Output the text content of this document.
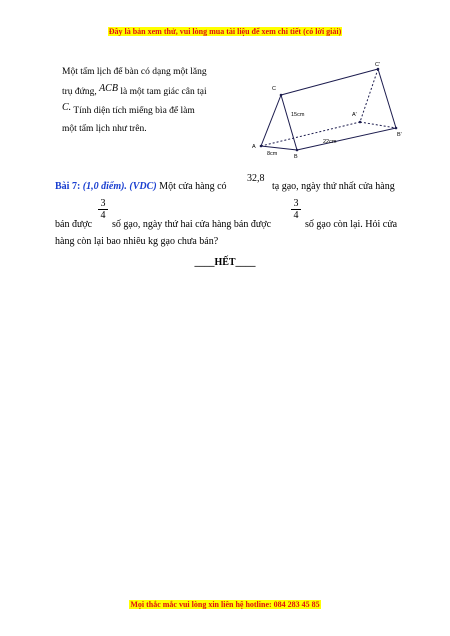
Đây là bản xem thử, vui lòng mua tài liệu để xem chi tiết (có lời giải)
Một tấm lịch để bàn có dạng một lăng
trụ đứng, ACB là một tam giác cân tại
C. Tính diện tích miếng bìa để làm
một tấm lịch như trên.
C'
C
A'
B'
A
B
15cm
22cm
8cm
Bài 7: (1,0 điểm). (VDC) Một cửa hàng có
32,8
tạ gạo, ngày thứ nhất cửa hàng
bán được
$\frac{3}{4}$
số gạo, ngày thứ hai cửa hàng bán được
$\frac{3}{4}$
số gạo còn lại. Hỏi cửa
hàng còn lại bao nhiêu kg gạo chưa bán?
____HẾT____
Mọi thắc mắc vui lòng xin liên hệ hotline: 084 283 45 85
